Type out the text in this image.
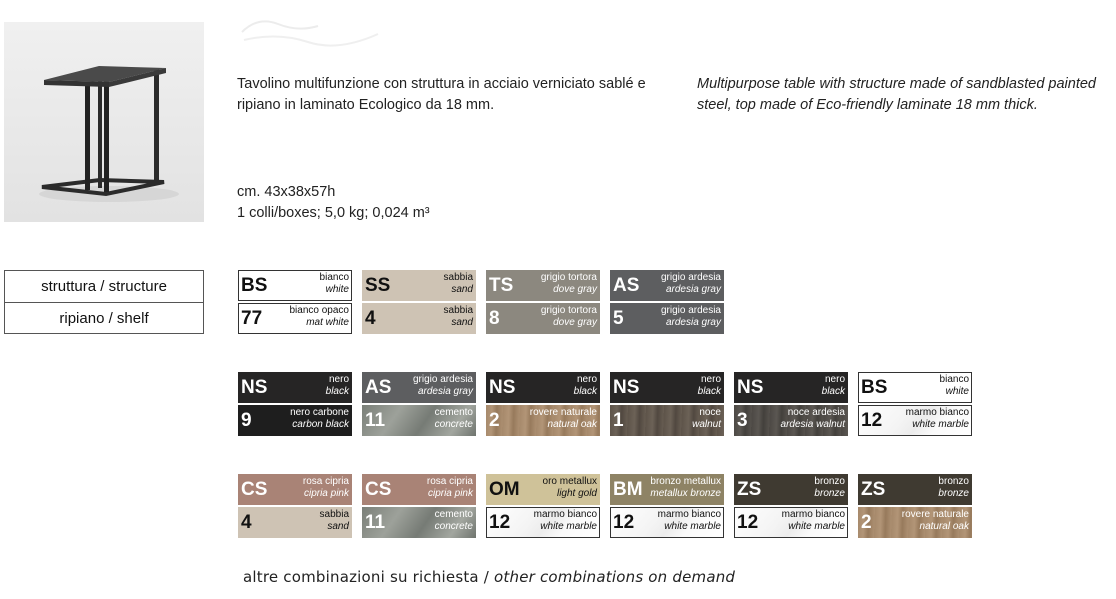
Tavolino multifunzione con struttura in acciaio verniciato sablé e ripiano in laminato Ecologico da 18 mm.
Multipurpose table with structure made of sandblasted painted steel, top made of Eco-friendly laminate 18 mm thick.
cm. 43x38x57h
1 colli/boxes; 5,0 kg; 0,024 m³
struttura / structure
ripiano / shelf
BS	bianco
white
77	bianco opaco
mat white
SS	sabbia
sand
4	sabbia
sand
TS	grigio tortora
dove gray
8	grigio tortora
dove gray
AS grigio ardesia
ardesia gray
5	grigio ardesia
ardesia gray
NS	nero
black
9	nero carbone
carbon black
AS grigio ardesia
ardesia gray
11	cemento
concrete
NS	nero
black
2	rovere naturale
natural oak
NS	nero
black
1	noce
walnut
NS	nero
black
3	noce ardesia
ardesia walnut
BS	bianco
white
12 marmo bianco
white marble
CS	rosa cipria
cipria pink
4	sabbia
sand
CS	rosa cipria
cipria pink
11	cemento
concrete
OM oro metallux
light gold
12 marmo bianco
white marble
BM bronzo metallux
metallux bronze
12 marmo bianco
white marble
ZS	bronzo
bronze
12 marmo bianco
white marble
ZS	bronzo
bronze
2	rovere naturale
natural oak
altre combinazioni su richiesta / other combinations on demand
